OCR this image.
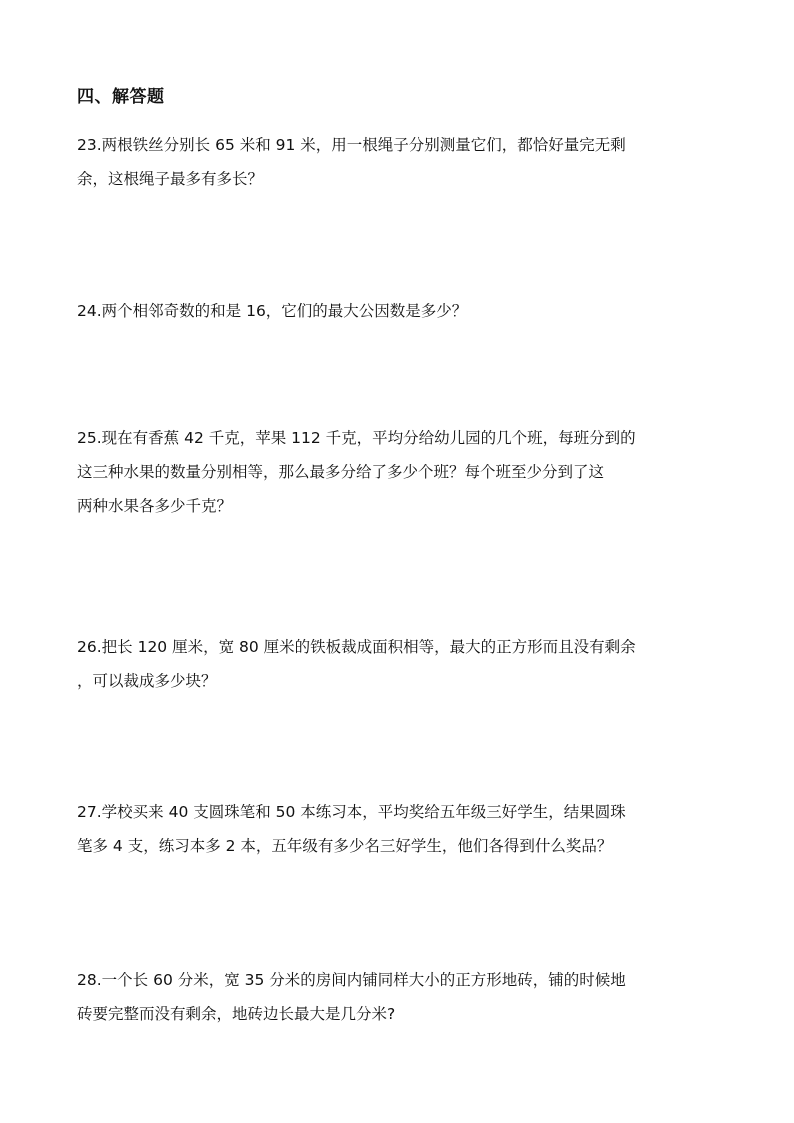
四、解答题
23.两根铁丝分别长 65 米和 91 米，用一根绳子分别测量它们，都恰好量完无剩
余，这根绳子最多有多长？
24.两个相邻奇数的和是 16，它们的最大公因数是多少？
25.现在有香蕉 42 千克，苹果 112 千克，平均分给幼儿园的几个班，每班分到的
这三种水果的数量分别相等，那么最多分给了多少个班？每个班至少分到了这
两种水果各多少千克？
26.把长 120 厘米，宽 80 厘米的铁板裁成面积相等，最大的正方形而且没有剩余
，可以裁成多少块？
27.学校买来 40 支圆珠笔和 50 本练习本，平均奖给五年级三好学生，结果圆珠
笔多 4 支，练习本多 2 本，五年级有多少名三好学生，他们各得到什么奖品？
28.一个长 60 分米，宽 35 分米的房间内铺同样大小的正方形地砖，铺的时候地
砖要完整而没有剩余，地砖边长最大是几分米?
